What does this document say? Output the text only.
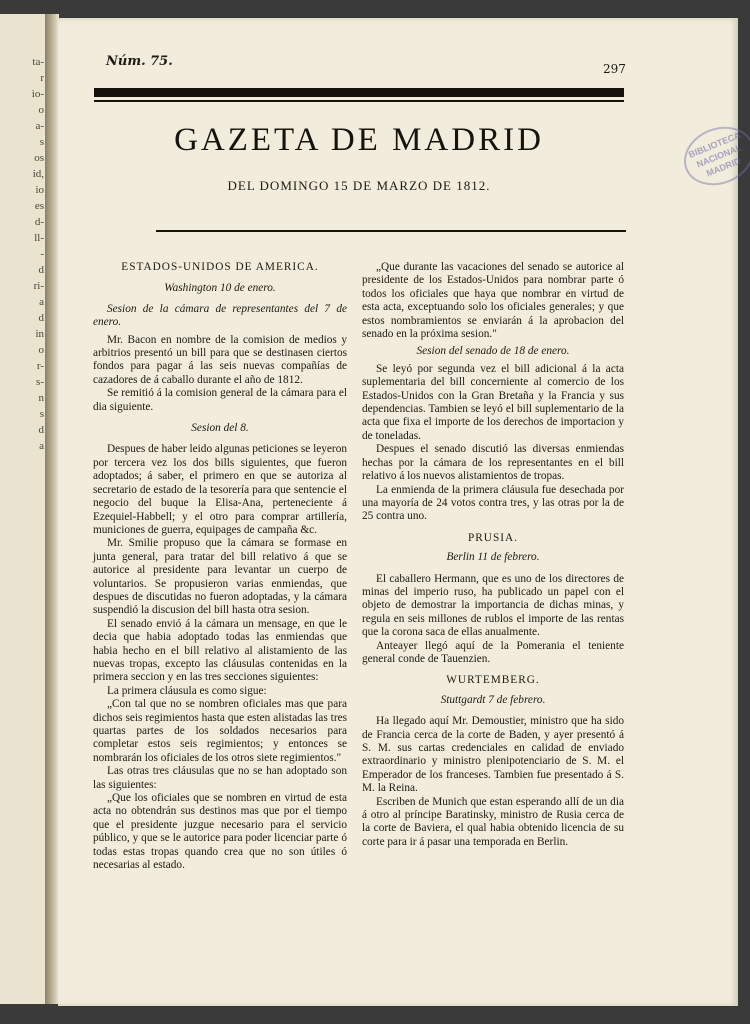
ta-
r
io-
o
a-
s
os
id,
io
es
d-
ll-
-
d
ri-
a
d
in
o
r-
s-
n
s
d
a
BIBLIOTECA NACIONAL MADRID
Núm. 75.	297
GAZETA DE MADRID
DEL DOMINGO 15 DE MARZO DE 1812.

ESTADOS-UNIDOS DE AMERICA.

Washington 10 de enero.

Sesion de la cámara de representantes del 7 de enero.

Mr. Bacon en nombre de la comision de medios y arbitrios presentó un bill para que se destinasen ciertos fondos para pagar á las seis nuevas compañías de cazadores de á caballo durante el año de 1812.

Se remitió á la comision general de la cámara para el dia siguiente.

Sesion del 8.

Despues de haber leido algunas peticiones se leyeron por tercera vez los dos bills siguientes, que fueron adoptados; á saber, el primero en que se autoriza al secretario de estado de la tesorería para que sentencie el negocio del buque la Elisa-Ana, perteneciente á Ezequiel-Habbell; y el otro para comprar artillería, municiones de guerra, equipages de campaña &c.

Mr. Smilie propuso que la cámara se formase en junta general, para tratar del bill relativo á que se autorice al presidente para levantar un cuerpo de voluntarios. Se propusieron varias enmiendas, que despues de discutidas no fueron adoptadas, y la cámara suspendió la discusion del bill hasta otra sesion.

El senado envió á la cámara un mensage, en que le decia que habia adoptado todas las enmiendas que habia hecho en el bill relativo al alistamiento de las nuevas tropas, excepto las cláusulas contenidas en la primera seccion y en las tres secciones siguientes:

La primera cláusula es como sigue:

„Con tal que no se nombren oficiales mas que para dichos seis regimientos hasta que esten alistadas las tres quartas partes de los soldados necesarios para completar estos seis regimientos; y entonces se nombrarán los oficiales de los otros siete regimientos."

Las otras tres cláusulas que no se han adoptado son las siguientes:

„Que los oficiales que se nombren en virtud de esta acta no obtendrán sus destinos mas que por el tiempo que el presidente juzgue necesario para el servicio público, y que se le autorice para poder licenciar parte ó todas estas tropas quando crea que no son útiles ó necesarias al estado.

„Que durante las vacaciones del senado se autorice al presidente de los Estados-Unidos para nombrar parte ó todos los oficiales que haya que nombrar en virtud de esta acta, exceptuando solo los oficiales generales; y que estos nombramientos se enviarán á la aprobacion del senado en la próxima sesion."

Sesion del senado de 18 de enero.

Se leyó por segunda vez el bill adicional á la acta suplementaria del bill concerniente al comercio de los Estados-Unidos con la Gran Bretaña y la Francia y sus dependencias. Tambien se leyó el bill suplementario de la acta que fixa el importe de los derechos de importacion y de toneladas.

Despues el senado discutió las diversas enmiendas hechas por la cámara de los representantes en el bill relativo á los nuevos alistamientos de tropas.

La enmienda de la primera cláusula fue desechada por una mayoría de 24 votos contra tres, y las otras por la de 25 contra uno.

PRUSIA.

Berlin 11 de febrero.

El caballero Hermann, que es uno de los directores de minas del imperio ruso, ha publicado un papel con el objeto de demostrar la importancia de dichas minas, y regula en seis millones de rublos el importe de las rentas que la corona saca de ellas anualmente.

Anteayer llegó aquí de la Pomerania el teniente general conde de Tauenzien.

WURTEMBERG.

Stuttgardt 7 de febrero.

Ha llegado aquí Mr. Demoustier, ministro que ha sido de Francia cerca de la corte de Baden, y ayer presentó á S. M. sus cartas credenciales en calidad de enviado extraordinario y ministro plenipotenciario de S. M. el Emperador de los franceses. Tambien fue presentado á S. M. la Reina.

Escriben de Munich que estan esperando allí de un dia á otro al príncipe Baratinsky, ministro de Rusia cerca de la corte de Baviera, el qual habia obtenido licencia de su corte para ir á pasar una temporada en Berlin.
